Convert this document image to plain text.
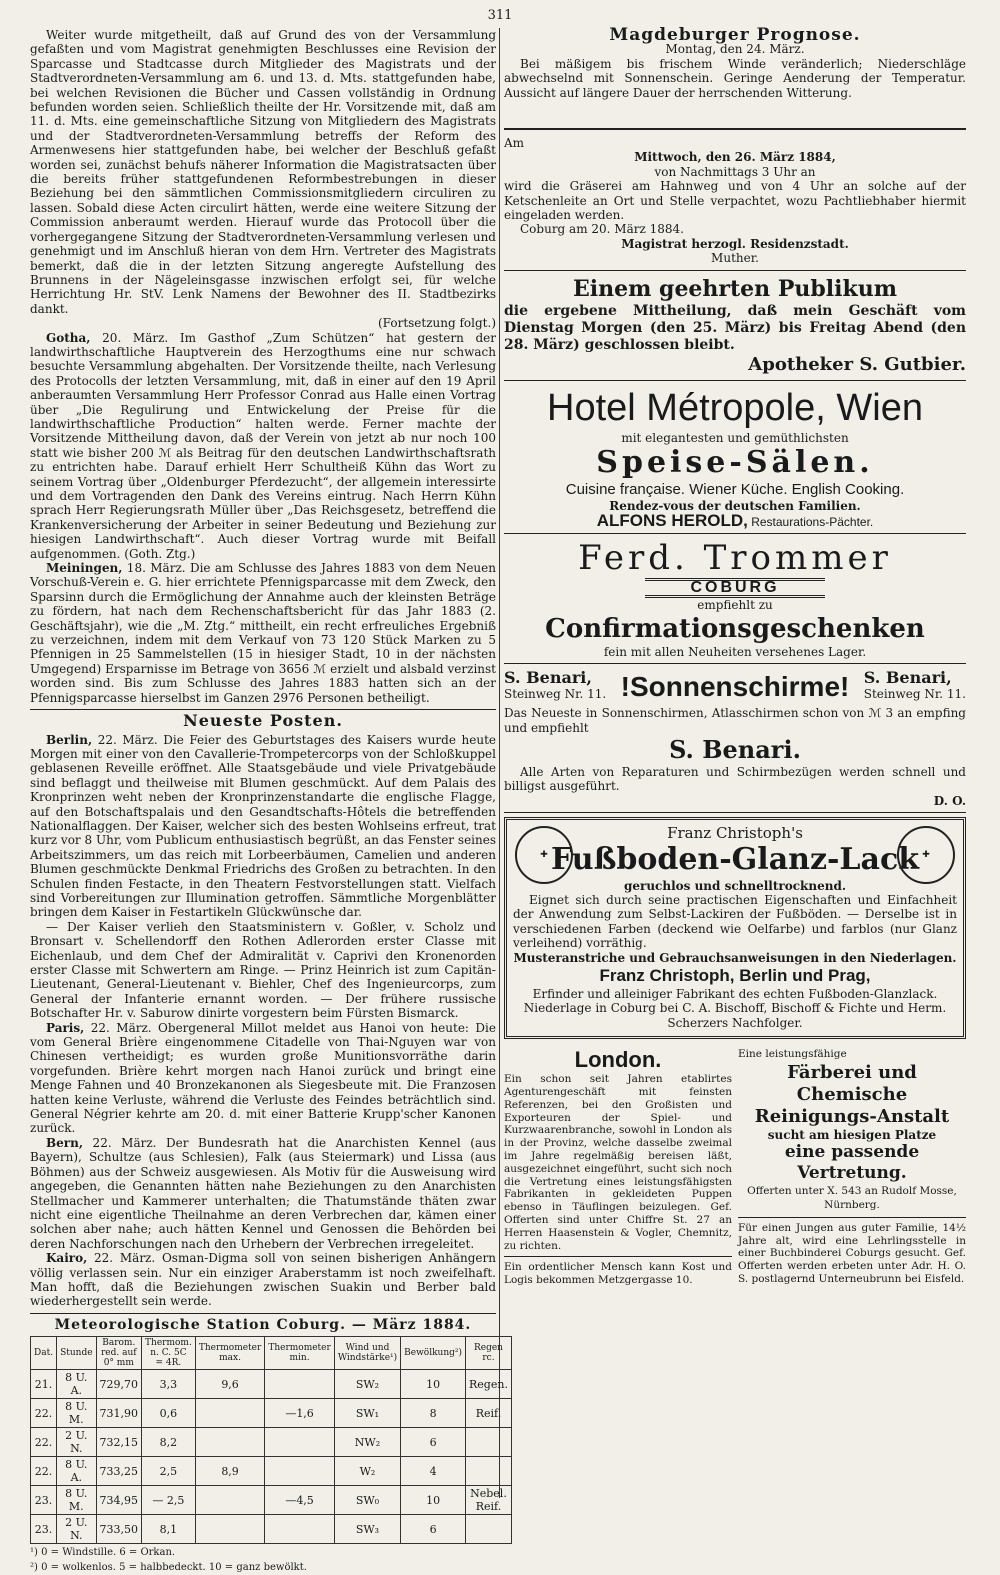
311

Weiter wurde mitgetheilt, daß auf Grund des von der Versammlung gefaßten und vom Magistrat genehmigten Beschlusses eine Revision der Sparcasse und Stadtcasse durch Mitglieder des Magistrats und der Stadtverordneten-Versammlung am 6. und 13. d. Mts. stattgefunden habe, bei welchen Revisionen die Bücher und Cassen vollständig in Ordnung befunden worden seien. Schließlich theilte der Hr. Vorsitzende mit, daß am 11. d. Mts. eine gemeinschaftliche Sitzung von Mitgliedern des Magistrats und der Stadtverordneten-Versammlung betreffs der Reform des Armenwesens hier stattgefunden habe, bei welcher der Beschluß gefaßt worden sei, zunächst behufs näherer Information die Magistratsacten über die bereits früher stattgefundenen Reformbestrebungen in dieser Beziehung bei den sämmtlichen Commissionsmitgliedern circuliren zu lassen. Sobald diese Acten circulirt hätten, werde eine weitere Sitzung der Commission anberaumt werden. Hierauf wurde das Protocoll über die vorhergegangene Sitzung der Stadtverordneten-Versammlung verlesen und genehmigt und im Anschluß hieran von dem Hrn. Vertreter des Magistrats bemerkt, daß die in der letzten Sitzung angeregte Aufstellung des Brunnens in der Nägeleinsgasse inzwischen erfolgt sei, für welche Herrichtung Hr. StV. Lenk Namens der Bewohner des II. Stadtbezirks dankt.

(Fortsetzung folgt.)

Gotha, 20. März. Im Gasthof „Zum Schützen“ hat gestern der landwirthschaftliche Hauptverein des Herzogthums eine nur schwach besuchte Versammlung abgehalten. Der Vorsitzende theilte, nach Verlesung des Protocolls der letzten Versammlung, mit, daß in einer auf den 19 April anberaumten Versammlung Herr Professor Conrad aus Halle einen Vortrag über „Die Regulirung und Entwickelung der Preise für die landwirthschaftliche Production“ halten werde. Ferner machte der Vorsitzende Mittheilung davon, daß der Verein von jetzt ab nur noch 100 statt wie bisher 200 ℳ als Beitrag für den deutschen Landwirthschaftsrath zu entrichten habe. Darauf erhielt Herr Schultheiß Kühn das Wort zu seinem Vortrag über „Oldenburger Pferdezucht“, der allgemein interessirte und dem Vortragenden den Dank des Vereins eintrug. Nach Herrn Kühn sprach Herr Regierungsrath Müller über „Das Reichsgesetz, betreffend die Krankenversicherung der Arbeiter in seiner Bedeutung und Beziehung zur hiesigen Landwirthschaft“. Auch dieser Vortrag wurde mit Beifall aufgenommen. (Goth. Ztg.)

Meiningen, 18. März. Die am Schlusse des Jahres 1883 von dem Neuen Vorschuß-Verein e. G. hier errichtete Pfennigsparcasse mit dem Zweck, den Sparsinn durch die Ermöglichung der Annahme auch der kleinsten Beträge zu fördern, hat nach dem Rechenschaftsbericht für das Jahr 1883 (2. Geschäftsjahr), wie die „M. Ztg.“ mittheilt, ein recht erfreuliches Ergebniß zu verzeichnen, indem mit dem Verkauf von 73 120 Stück Marken zu 5 Pfennigen in 25 Sammelstellen (15 in hiesiger Stadt, 10 in der nächsten Umgegend) Ersparnisse im Betrage von 3656 ℳ erzielt und alsbald verzinst worden sind. Bis zum Schlusse des Jahres 1883 hatten sich an der Pfennigsparcasse hierselbst im Ganzen 2976 Personen betheiligt.

Neueste Posten.

Berlin, 22. März. Die Feier des Geburtstages des Kaisers wurde heute Morgen mit einer von den Cavallerie-Trompetercorps von der Schloßkuppel geblasenen Reveille eröffnet. Alle Staatsgebäude und viele Privatgebäude sind beflaggt und theilweise mit Blumen geschmückt. Auf dem Palais des Kronprinzen weht neben der Kronprinzenstandarte die englische Flagge, auf den Botschaftspalais und den Gesandtschafts-Hôtels die betreffenden Nationalflaggen. Der Kaiser, welcher sich des besten Wohlseins erfreut, trat kurz vor 8 Uhr, vom Publicum enthusiastisch begrüßt, an das Fenster seines Arbeitszimmers, um das reich mit Lorbeerbäumen, Camelien und anderen Blumen geschmückte Denkmal Friedrichs des Großen zu betrachten. In den Schulen finden Festacte, in den Theatern Festvorstellungen statt. Vielfach sind Vorbereitungen zur Illumination getroffen. Sämmtliche Morgenblätter bringen dem Kaiser in Festartikeln Glückwünsche dar.

— Der Kaiser verlieh den Staatsministern v. Goßler, v. Scholz und Bronsart v. Schellendorff den Rothen Adlerorden erster Classe mit Eichenlaub, und dem Chef der Admiralität v. Caprivi den Kronenorden erster Classe mit Schwertern am Ringe. — Prinz Heinrich ist zum Capitän-Lieutenant, General-Lieutenant v. Biehler, Chef des Ingenieurcorps, zum General der Infanterie ernannt worden. — Der frühere russische Botschafter Hr. v. Saburow dinirte vorgestern beim Fürsten Bismarck.

Paris, 22. März. Obergeneral Millot meldet aus Hanoi von heute: Die vom General Brière eingenommene Citadelle von Thai-Nguyen war von Chinesen vertheidigt; es wurden große Munitionsvorräthe darin vorgefunden. Brière kehrt morgen nach Hanoi zurück und bringt eine Menge Fahnen und 40 Bronzekanonen als Siegesbeute mit. Die Franzosen hatten keine Verluste, während die Verluste des Feindes beträchtlich sind. General Négrier kehrte am 20. d. mit einer Batterie Krupp'scher Kanonen zurück.

Bern, 22. März. Der Bundesrath hat die Anarchisten Kennel (aus Bayern), Schultze (aus Schlesien), Falk (aus Steiermark) und Lissa (aus Böhmen) aus der Schweiz ausgewiesen. Als Motiv für die Ausweisung wird angegeben, die Genannten hätten nahe Beziehungen zu den Anarchisten Stellmacher und Kammerer unterhalten; die Thatumstände thäten zwar nicht eine eigentliche Theilnahme an deren Verbrechen dar, kämen einer solchen aber nahe; auch hätten Kennel und Genossen die Behörden bei deren Nachforschungen nach den Urhebern der Verbrechen irregeleitet.

Kairo, 22. März. Osman-Digma soll von seinen bisherigen Anhängern völlig verlassen sein. Nur ein einziger Araberstamm ist noch zweifelhaft. Man hofft, daß die Beziehungen zwischen Suakin und Berber bald wiederhergestellt sein werde.

Meteorologische Station Coburg. — März 1884.

Dat.	Stunde	Barom. red. auf 0° mm	Thermom. n. C. 5C = 4R.	Thermometer max.	Thermometer min.	Wind und Windstärke¹)	Bewölkung²)	Regen rc.
21.	8 U. A.	729,70	3,3	9,6		SW₂	10	Regen.
22.	8 U. M.	731,90	0,6		—1,6	SW₁	8	Reif.
22.	2 U. N.	732,15	8,2			NW₂	6	
22.	8 U. A.	733,25	2,5	8,9		W₂	4	
23.	8 U. M.	734,95	— 2,5		—4,5	SW₀	10	Nebel. Reif.
23.	2 U. N.	733,50	8,1			SW₃	6	

¹) 0 = Windstille. 6 = Orkan.

²) 0 = wolkenlos. 5 = halbbedeckt. 10 = ganz bewölkt.

Magdeburger Prognose.

Montag, den 24. März.

Bei mäßigem bis frischem Winde veränderlich; Niederschläge abwechselnd mit Sonnenschein. Geringe Aenderung der Temperatur. Aussicht auf längere Dauer der herrschenden Witterung.

Am

Mittwoch, den 26. März 1884,

von Nachmittags 3 Uhr an

wird die Gräserei am Hahnweg und von 4 Uhr an solche auf der Ketschenleite an Ort und Stelle verpachtet, wozu Pachtliebhaber hiermit eingeladen werden.

Coburg am 20. März 1884.

Magistrat herzogl. Residenzstadt.

Muther.

Einem geehrten Publikum

die ergebene Mittheilung, daß mein Geschäft vom Dienstag Morgen (den 25. März) bis Freitag Abend (den 28. März) geschlossen bleibt.

Apotheker S. Gutbier.

Hotel Métropole, Wien

mit elegantesten und gemüthlichsten

Speise-Sälen.

Cuisine française. Wiener Küche. English Cooking.

Rendez-vous der deutschen Familien.

ALFONS HEROLD, Restaurations-Pächter.

Ferd. Trommer

COBURG

empfiehlt zu

Confirmationsgeschenken

fein mit allen Neuheiten versehenes Lager.

S. Benari,

Steinweg Nr. 11. !Sonnenschirme! S. Benari,

Steinweg Nr. 11.

Das Neueste in Sonnenschirmen, Atlasschirmen schon von ℳ 3 an empfing und empfiehlt

S. Benari.

Alle Arten von Reparaturen und Schirmbezügen werden schnell und billigst ausgeführt.

D. O.

✚	✚

Franz Christoph's

Fußboden-Glanz-Lack

geruchlos und schnelltrocknend.

Eignet sich durch seine practischen Eigenschaften und Einfachheit der Anwendung zum Selbst-Lackiren der Fußböden. — Derselbe ist in verschiedenen Farben (deckend wie Oelfarbe) und farblos (nur Glanz verleihend) vorräthig.

Musteranstriche und Gebrauchsanweisungen in den Niederlagen.

Franz Christoph, Berlin und Prag,

Erfinder und alleiniger Fabrikant des echten Fußboden-Glanzlack.

Niederlage in Coburg bei C. A. Bischoff, Bischoff & Fichte und Herm. Scherzers Nachfolger.

London.

Ein schon seit Jahren etablirtes Agenturengeschäft mit feinsten Referenzen, bei den Großisten und Exporteuren der Spiel- und Kurzwaarenbranche, sowohl in London als in der Provinz, welche dasselbe zweimal im Jahre regelmäßig bereisen läßt, ausgezeichnet eingeführt, sucht sich noch die Vertretung eines leistungsfähigsten Fabrikanten in gekleideten Puppen ebenso in Täuflingen beizulegen. Gef. Offerten sind unter Chiffre St. 27 an Herren Haasenstein & Vogler, Chemnitz, zu richten.

Ein ordentlicher Mensch kann Kost und Logis bekommen Metzgergasse 10.

Eine leistungsfähige

Färberei und Chemische Reinigungs-Anstalt

sucht am hiesigen Platze

eine passende Vertretung.

Offerten unter X. 543 an Rudolf Mosse, Nürnberg.

Für einen Jungen aus guter Familie, 14½ Jahre alt, wird eine Lehrlingsstelle in einer Buchbinderei Coburgs gesucht. Gef. Offerten werden erbeten unter Adr. H. O. S. postlagernd Unterneubrunn bei Eisfeld.
